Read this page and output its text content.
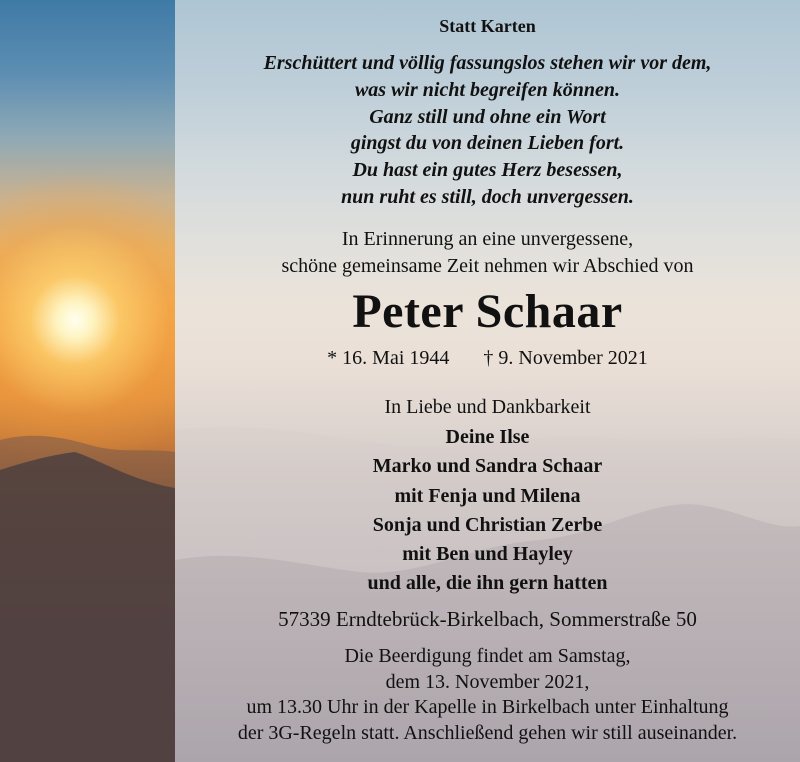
Statt Karten
Erschüttert und völlig fassungslos stehen wir vor dem,
was wir nicht begreifen können.
Ganz still und ohne ein Wort
gingst du von deinen Lieben fort.
Du hast ein gutes Herz besessen,
nun ruht es still, doch unvergessen.
In Erinnerung an eine unvergessene,
schöne gemeinsame Zeit nehmen wir Abschied von
Peter Schaar
* 16. Mai 1944 † 9. November 2021
In Liebe und Dankbarkeit
Deine Ilse
Marko und Sandra Schaar
mit Fenja und Milena
Sonja und Christian Zerbe
mit Ben und Hayley
und alle, die ihn gern hatten
57339 Erndtebrück-Birkelbach, Sommerstraße 50
Die Beerdigung findet am Samstag,
dem 13. November 2021,
um 13.30 Uhr in der Kapelle in Birkelbach unter Einhaltung
der 3G-Regeln statt. Anschließend gehen wir still auseinander.
